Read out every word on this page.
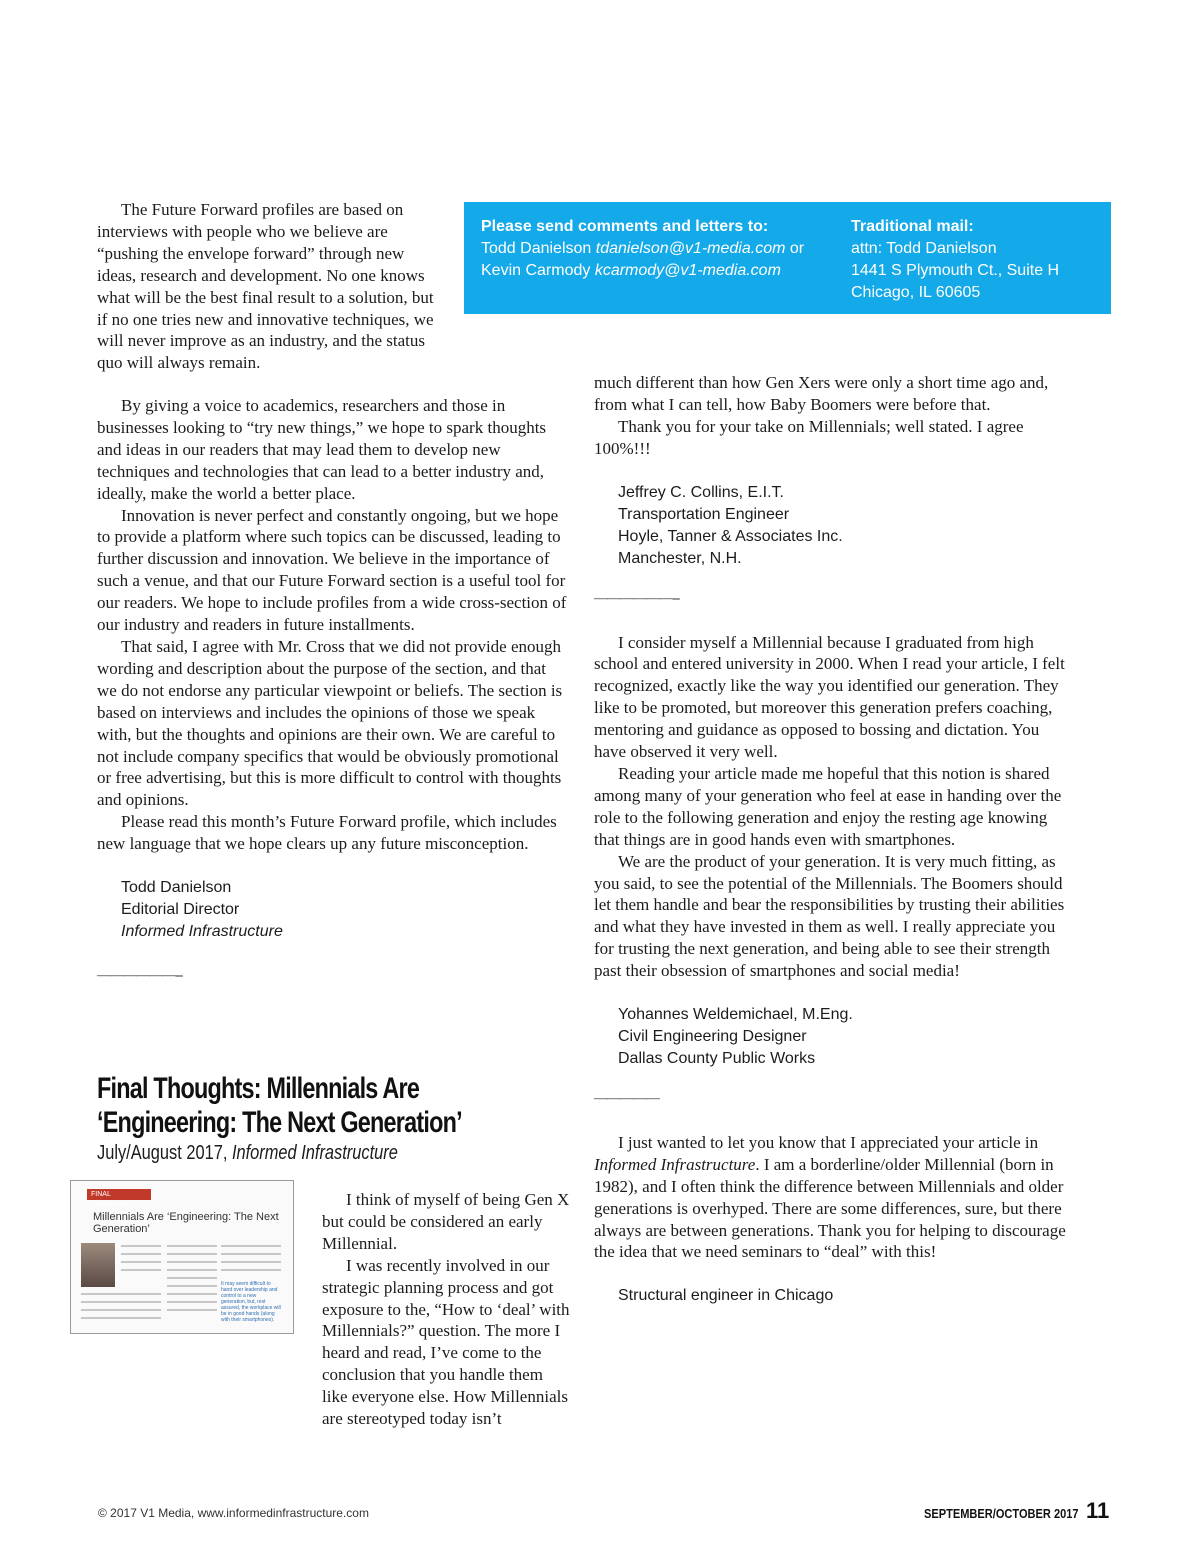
The Future Forward profiles are based on interviews with people who we believe are “pushing the envelope forward” through new ideas, research and development. No one knows what will be the best final result to a solution, but if no one tries new and innovative techniques, we will never improve as an industry, and the status quo will always remain.

Please send comments and letters to:
Todd Danielson tdanielson@v1-media.com or
Kevin Carmody kcarmody@v1-media.com
Traditional mail:
attn: Todd Danielson
1441 S Plymouth Ct., Suite H
Chicago, IL 60605

By giving a voice to academics, researchers and those in businesses looking to “try new things,” we hope to spark thoughts and ideas in our readers that may lead them to develop new techniques and technologies that can lead to a better industry and, ideally, make the world a better place.

Innovation is never perfect and constantly ongoing, but we hope to provide a platform where such topics can be discussed, leading to further discussion and innovation. We believe in the importance of such a venue, and that our Future Forward section is a useful tool for our readers. We hope to include profiles from a wide cross-section of our industry and readers in future installments.

That said, I agree with Mr. Cross that we did not provide enough wording and description about the purpose of the section, and that we do not endorse any particular viewpoint or beliefs. The section is based on interviews and includes the opinions of those we speak with, but the thoughts and opinions are their own. We are careful to not include company specifics that would be obviously promotional or free advertising, but this is more difficult to control with thoughts and opinions.

Please read this month’s Future Forward profile, which includes new language that we hope clears up any future misconception.

Todd Danielson
Editorial Director
Informed Infrastructure
——————--
Final Thoughts: Millennials Are
‘Engineering: The Next Generation’
July/August 2017, Informed Infrastructure
FINAL THOUGHTS
Millennials Are ‘Engineering: The Next Generation’
It may seem difficult to hand over leadership and control to a new generation, but, rest assured, the workplace will be in good hands (along with their smartphones).

I think of myself of being Gen X but could be considered an early Millennial.

I was recently involved in our strategic planning process and got exposure to the, “How to ‘deal’ with Millennials?” question. The more I heard and read, I’ve come to the conclusion that you handle them like everyone else. How Millennials are stereotyped today isn’t

much different than how Gen Xers were only a short time ago and, from what I can tell, how Baby Boomers were before that.

Thank you for your take on Millennials; well stated. I agree 100%!!!

Jeffrey C. Collins, E.I.T.
Transportation Engineer
Hoyle, Tanner & Associates Inc.
Manchester, N.H.
——————--

I consider myself a Millennial because I graduated from high school and entered university in 2000. When I read your article, I felt recognized, exactly like the way you identified our generation. They like to be promoted, but moreover this generation prefers coaching, mentoring and guidance as opposed to bossing and dictation. You have observed it very well.

Reading your article made me hopeful that this notion is shared among many of your generation who feel at ease in handing over the role to the following generation and enjoy the resting age knowing that things are in good hands even with smartphones.

We are the product of your generation. It is very much fitting, as you said, to see the potential of the Millennials. The Boomers should let them handle and bear the responsibilities by trusting their abilities and what they have invested in them as well. I really appreciate you for trusting the next generation, and being able to see their strength past their obsession of smartphones and social media!

Yohannes Weldemichael, M.Eng.
Civil Engineering Designer
Dallas County Public Works
—————

I just wanted to let you know that I appreciated your article in Informed Infrastructure. I am a borderline/older Millennial (born in 1982), and I often think the difference between Millennials and older generations is overhyped. There are some differences, sure, but there always are between generations. Thank you for helping to discourage the idea that we need seminars to “deal” with this!

Structural engineer in Chicago
© 2017 V1 Media, www.informedinfrastructure.com	SEPTEMBER/OCTOBER 2017 11
